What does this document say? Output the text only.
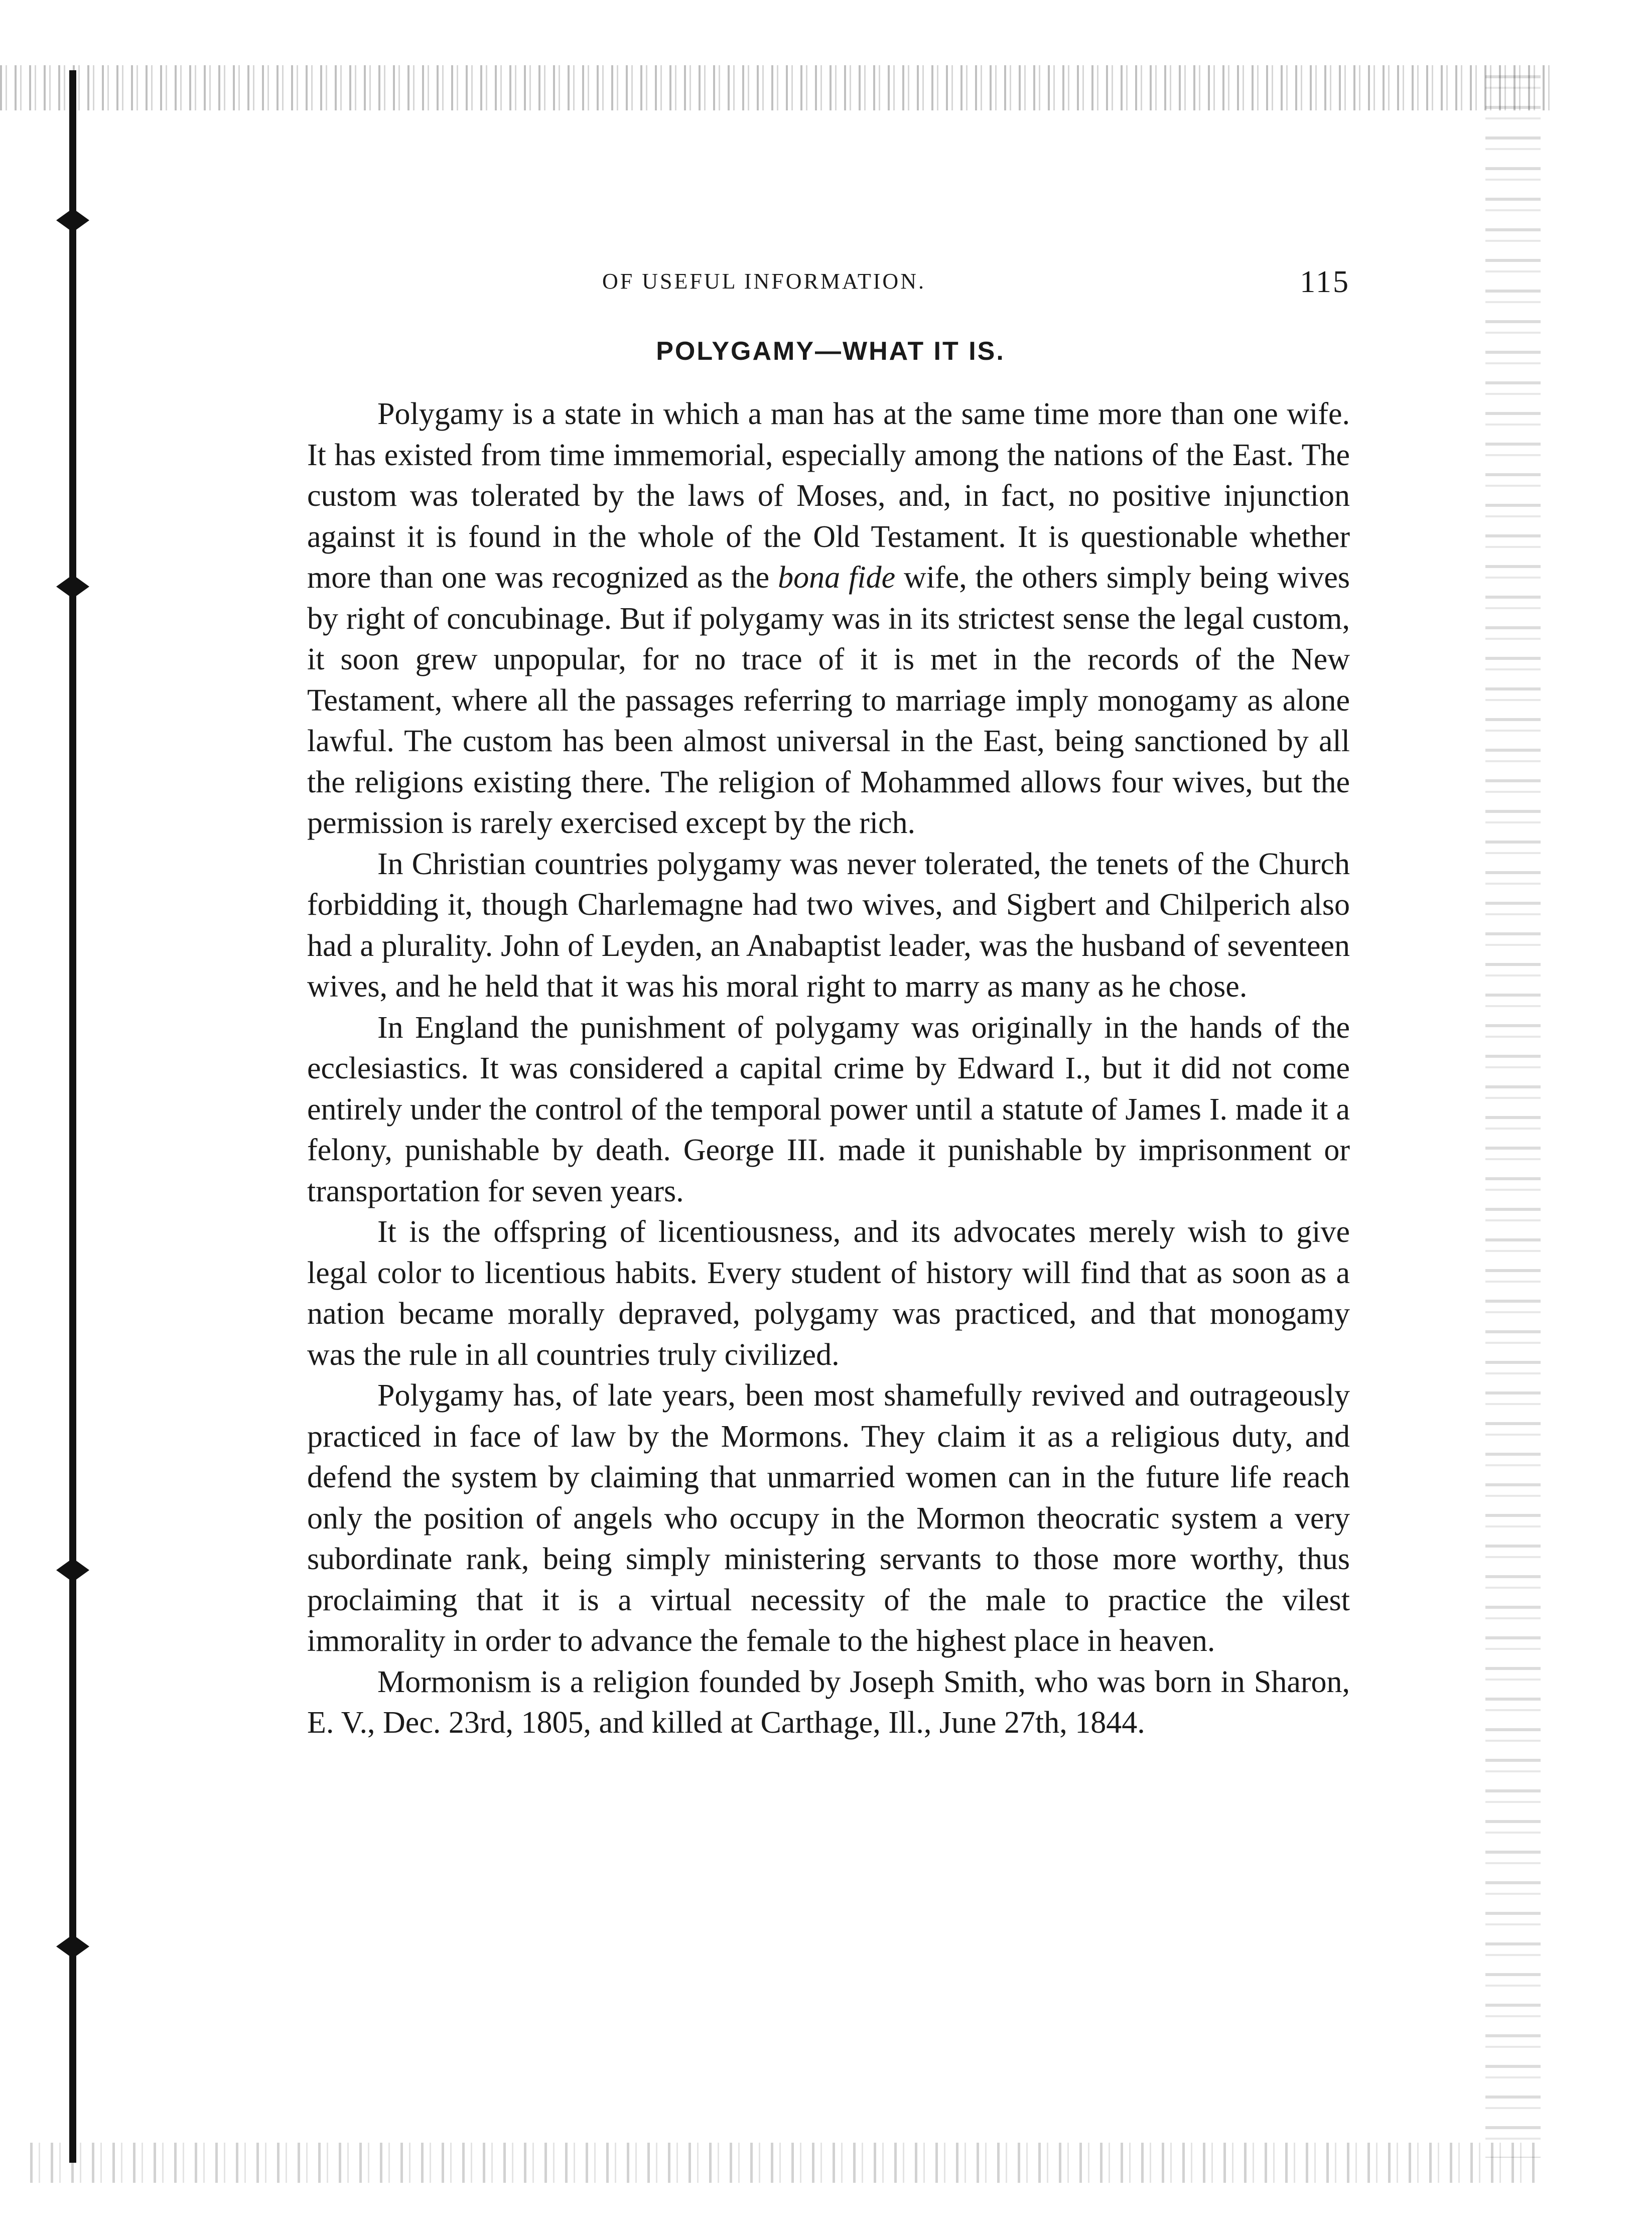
OF USEFUL INFORMATION.	115
POLYGAMY—WHAT IT IS.

Polygamy is a state in which a man has at the same time more than one wife. It has existed from time immemorial, especially among the nations of the East. The custom was tolerated by the laws of Moses, and, in fact, no positive injunction against it is found in the whole of the Old Testament. It is questionable whether more than one was recognized as the bona fide wife, the others simply being wives by right of concubinage. But if polygamy was in its strictest sense the legal custom, it soon grew unpopular, for no trace of it is met in the records of the New Testament, where all the passages referring to marriage imply monogamy as alone lawful. The custom has been almost universal in the East, being sanctioned by all the religions existing there. The religion of Mohammed allows four wives, but the permission is rarely exercised except by the rich.

In Christian countries polygamy was never tolerated, the tenets of the Church forbidding it, though Charlemagne had two wives, and Sigbert and Chilperich also had a plurality. John of Leyden, an Anabaptist leader, was the husband of seventeen wives, and he held that it was his moral right to marry as many as he chose.

In England the punishment of polygamy was originally in the hands of the ecclesiastics. It was considered a capital crime by Edward I., but it did not come entirely under the control of the temporal power until a statute of James I. made it a felony, punishable by death. George III. made it punishable by imprisonment or transportation for seven years.

It is the offspring of licentiousness, and its advocates merely wish to give legal color to licentious habits. Every student of history will find that as soon as a nation became morally depraved, polygamy was practiced, and that monogamy was the rule in all countries truly civilized.

Polygamy has, of late years, been most shamefully revived and outrageously practiced in face of law by the Mormons. They claim it as a religious duty, and defend the system by claiming that unmarried women can in the future life reach only the position of angels who occupy in the Mormon theocratic system a very subordinate rank, being simply ministering servants to those more worthy, thus proclaiming that it is a virtual necessity of the male to practice the vilest immorality in order to advance the female to the highest place in heaven.

Mormonism is a religion founded by Joseph Smith, who was born in Sharon, E. V., Dec. 23rd, 1805, and killed at Carthage, Ill., June 27th, 1844.
